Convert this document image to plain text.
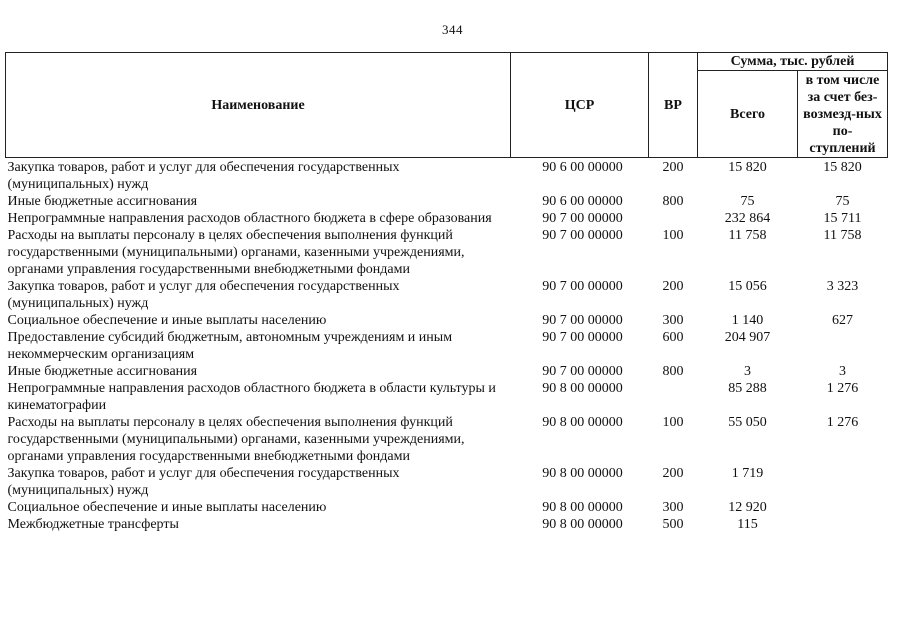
344
Наименование	ЦСР	ВР	Сумма, тыс. рублей	
			Всего	в том числе за счет без-возмезд-ных по-ступлений
Закупка товаров, работ и услуг для обеспечения государственных (муниципальных) нужд	90 6 00 00000	200	15 820	15 820
Иные бюджетные ассигнования	90 6 00 00000	800	75	75
Непрограммные направления расходов областного бюджета в сфере образования	90 7 00 00000		232 864	15 711
Расходы на выплаты персоналу в целях обеспечения выполнения функций государственными (муниципальными) органами, казенными учреждениями, органами управления государственными внебюджетными фондами	90 7 00 00000	100	11 758	11 758
Закупка товаров, работ и услуг для обеспечения государственных (муниципальных) нужд	90 7 00 00000	200	15 056	3 323
Социальное обеспечение и иные выплаты населению	90 7 00 00000	300	1 140	627
Предоставление субсидий бюджетным, автономным учреждениям и иным некоммерческим организациям	90 7 00 00000	600	204 907	
Иные бюджетные ассигнования	90 7 00 00000	800	3	3
Непрограммные направления расходов областного бюджета в области культуры и кинематографии	90 8 00 00000		85 288	1 276
Расходы на выплаты персоналу в целях обеспечения выполнения функций государственными (муниципальными) органами, казенными учреждениями, органами управления государственными внебюджетными фондами	90 8 00 00000	100	55 050	1 276
Закупка товаров, работ и услуг для обеспечения государственных (муниципальных) нужд	90 8 00 00000	200	1 719	
Социальное обеспечение и иные выплаты населению	90 8 00 00000	300	12 920	
Межбюджетные трансферты	90 8 00 00000	500	115	
